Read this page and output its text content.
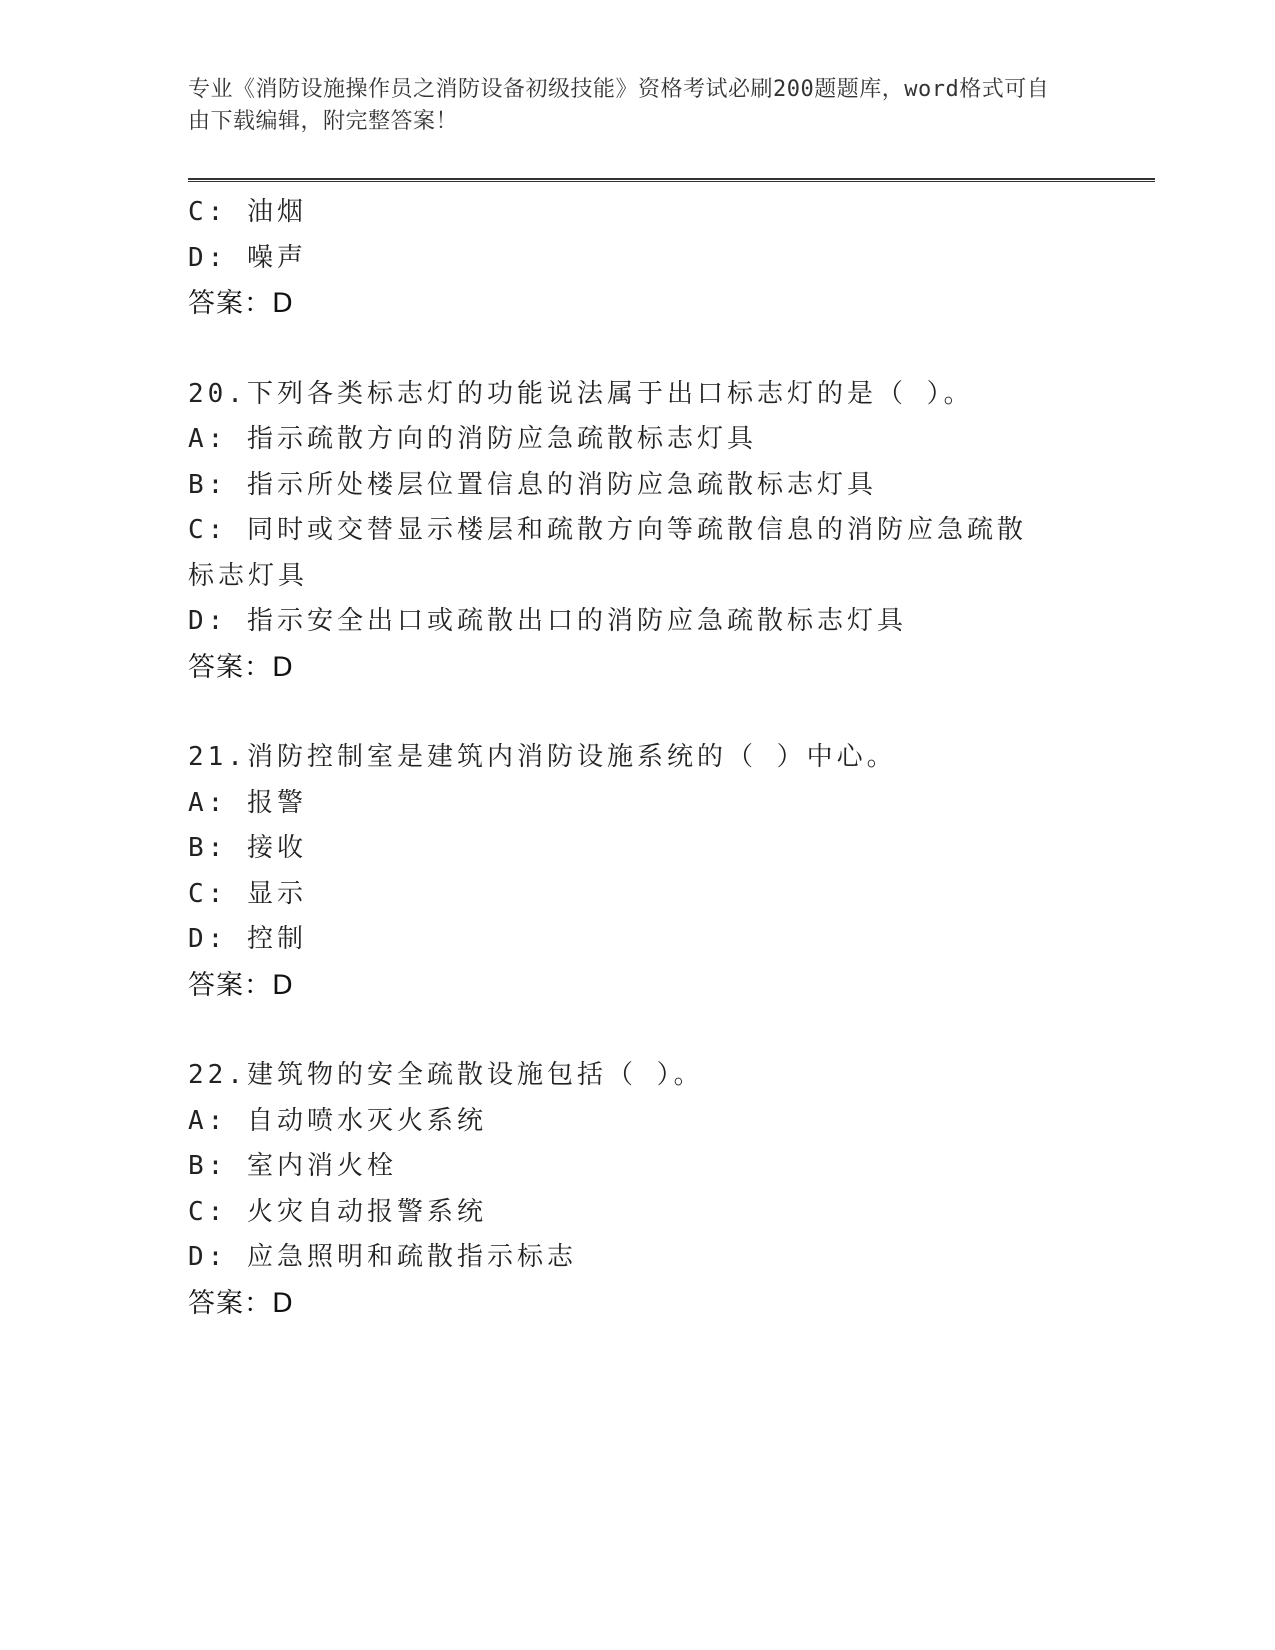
专业《消防设施操作员之消防设备初级技能》资格考试必刷200题题库，word格式可自由下载编辑，附完整答案！
C: 油烟
D: 噪声
答案：D
20.下列各类标志灯的功能说法属于出口标志灯的是（ ）。
A: 指示疏散方向的消防应急疏散标志灯具
B: 指示所处楼层位置信息的消防应急疏散标志灯具
C: 同时或交替显示楼层和疏散方向等疏散信息的消防应急疏散标志灯具
D: 指示安全出口或疏散出口的消防应急疏散标志灯具
答案：D
21.消防控制室是建筑内消防设施系统的（ ）中心。
A: 报警
B: 接收
C: 显示
D: 控制
答案：D
22.建筑物的安全疏散设施包括（ ）。
A: 自动喷水灭火系统
B: 室内消火栓
C: 火灾自动报警系统
D: 应急照明和疏散指示标志
答案：D
